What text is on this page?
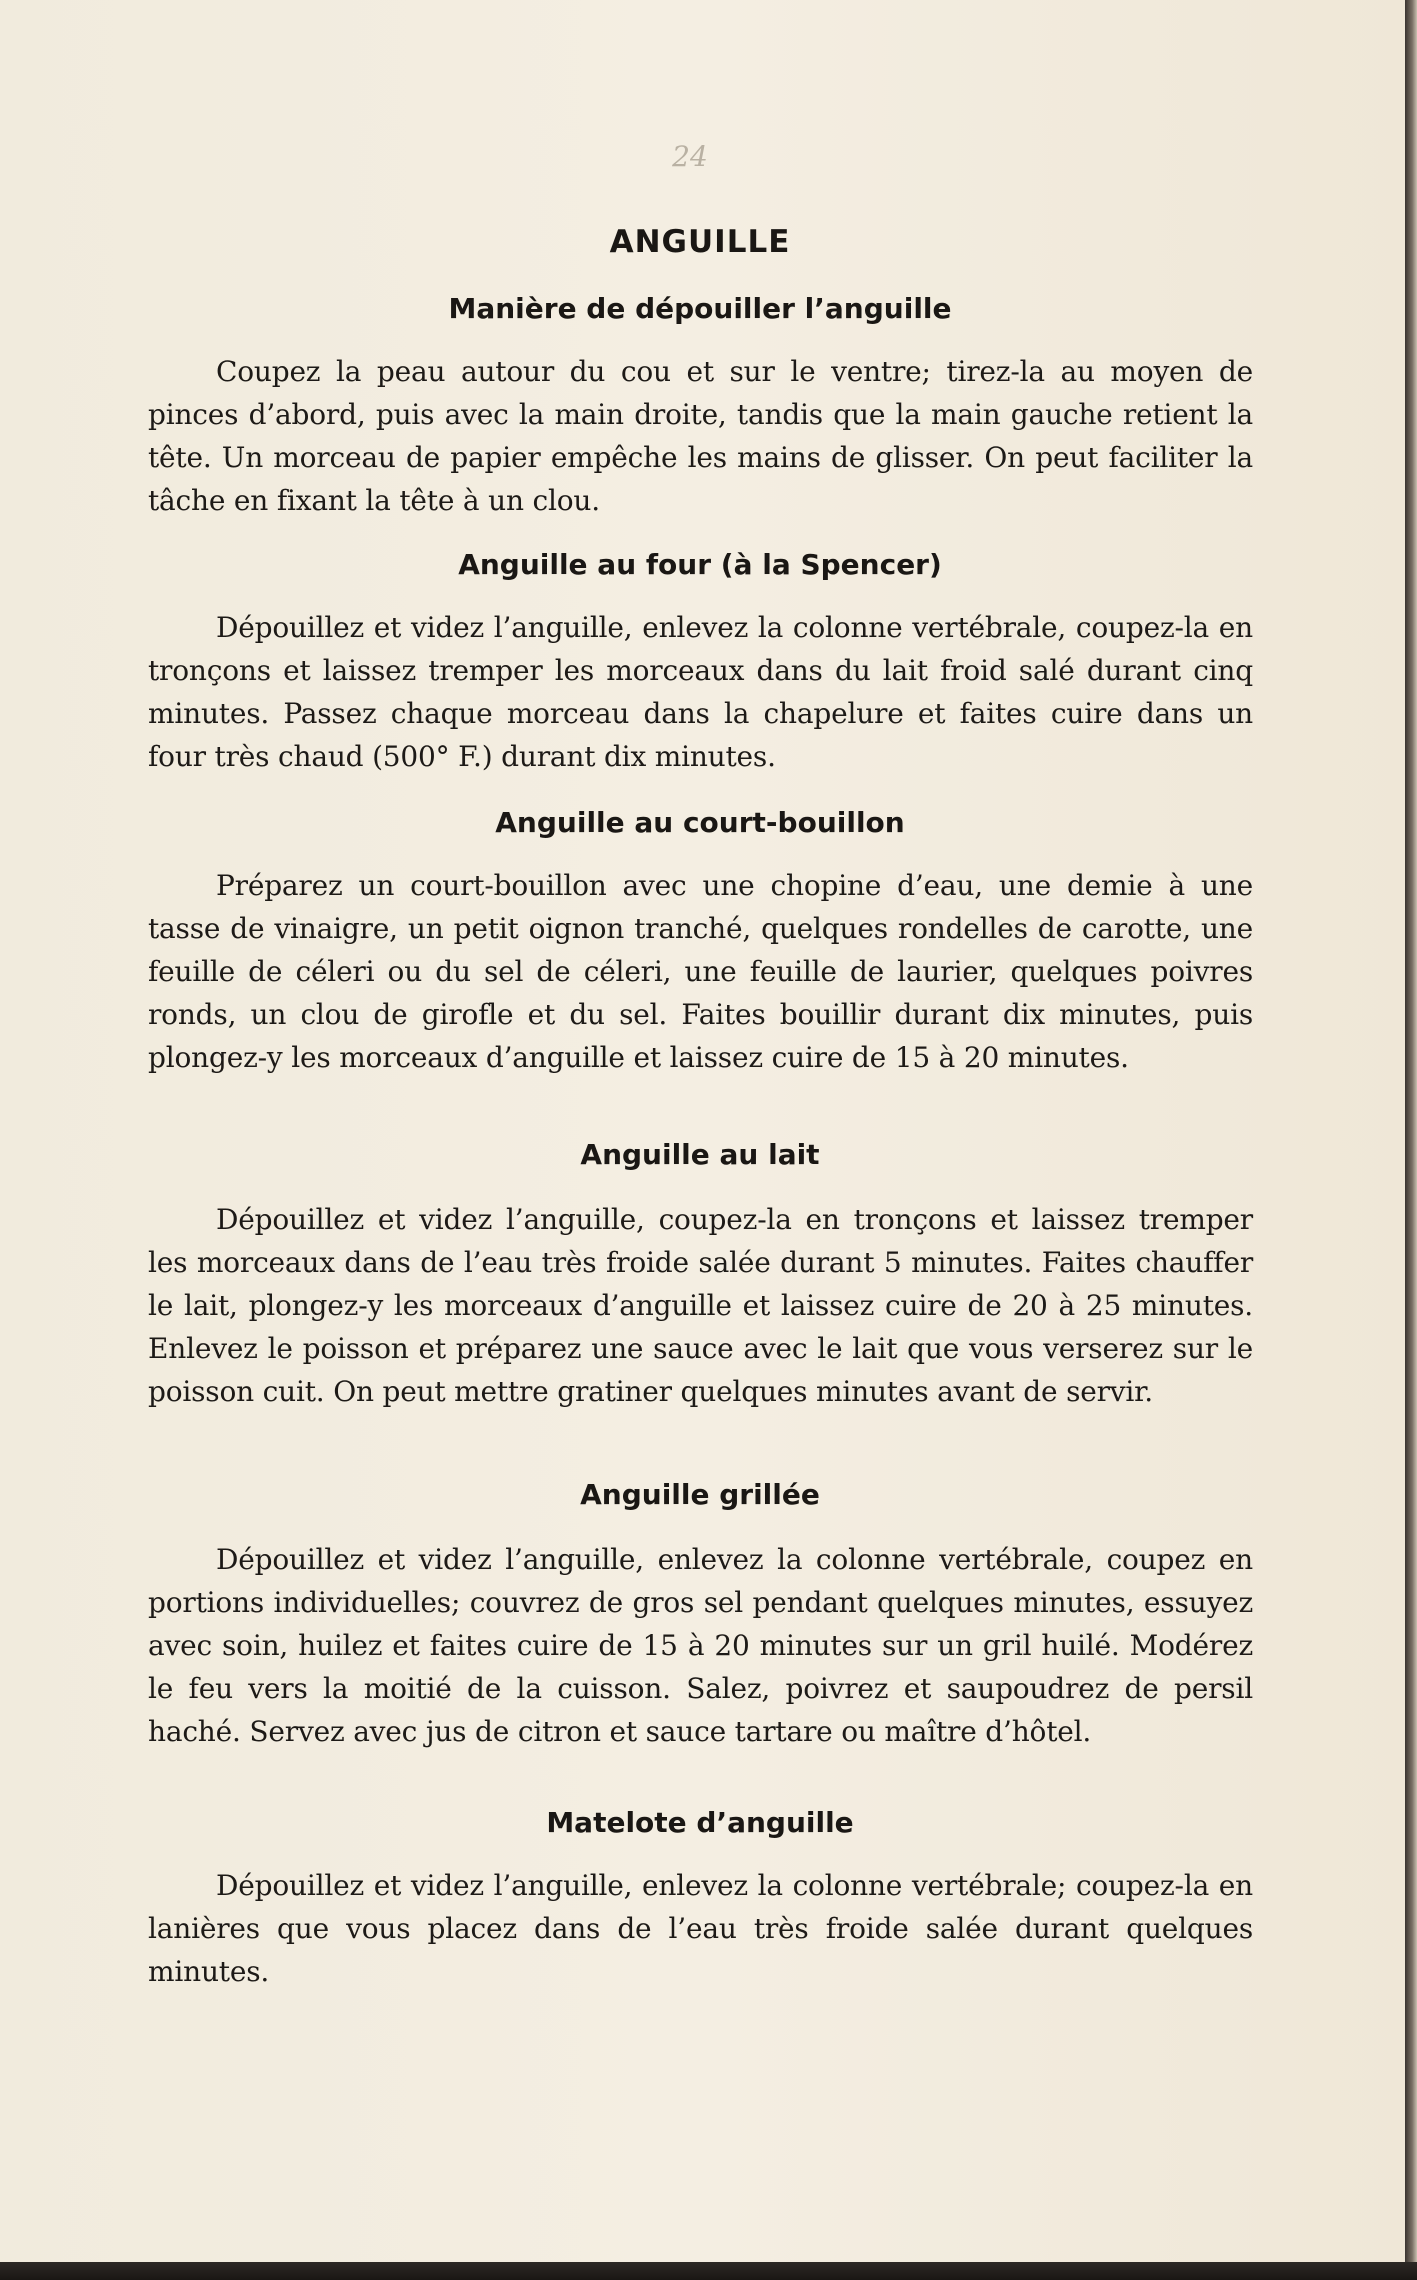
24
ANGUILLE
Manière de dépouiller l’anguille

Coupez la peau autour du cou et sur le ventre; tirez-la au moyen de pinces d’abord, puis avec la main droite, tandis que la main gauche retient la tête. Un morceau de papier empêche les mains de glisser. On peut faciliter la tâche en fixant la tête à un clou.

Anguille au four (à la Spencer)

Dépouillez et videz l’anguille, enlevez la colonne vertébrale, coupez-la en tronçons et laissez tremper les morceaux dans du lait froid salé durant cinq minutes. Passez chaque morceau dans la chapelure et faites cuire dans un four très chaud (500° F.) durant dix minutes.

Anguille au court-bouillon

Préparez un court-bouillon avec une chopine d’eau, une demie à une tasse de vinaigre, un petit oignon tranché, quelques rondelles de carotte, une feuille de céleri ou du sel de céleri, une feuille de laurier, quelques poivres ronds, un clou de girofle et du sel. Faites bouillir durant dix minutes, puis plongez-y les morceaux d’anguille et laissez cuire de 15 à 20 minutes.

Anguille au lait

Dépouillez et videz l’anguille, coupez-la en tronçons et laissez tremper les morceaux dans de l’eau très froide salée durant 5 minutes. Faites chauffer le lait, plongez-y les morceaux d’anguille et laissez cuire de 20 à 25 minutes. Enlevez le poisson et préparez une sauce avec le lait que vous verserez sur le poisson cuit. On peut mettre gratiner quelques minutes avant de servir.

Anguille grillée

Dépouillez et videz l’anguille, enlevez la colonne vertébrale, coupez en portions individuelles; couvrez de gros sel pendant quelques minutes, essuyez avec soin, huilez et faites cuire de 15 à 20 minutes sur un gril huilé. Modérez le feu vers la moitié de la cuisson. Salez, poivrez et saupoudrez de persil haché. Servez avec jus de citron et sauce tartare ou maître d’hôtel.

Matelote d’anguille

Dépouillez et videz l’anguille, enlevez la colonne vertébrale; coupez-la en lanières que vous placez dans de l’eau très froide salée durant quelques minutes.
